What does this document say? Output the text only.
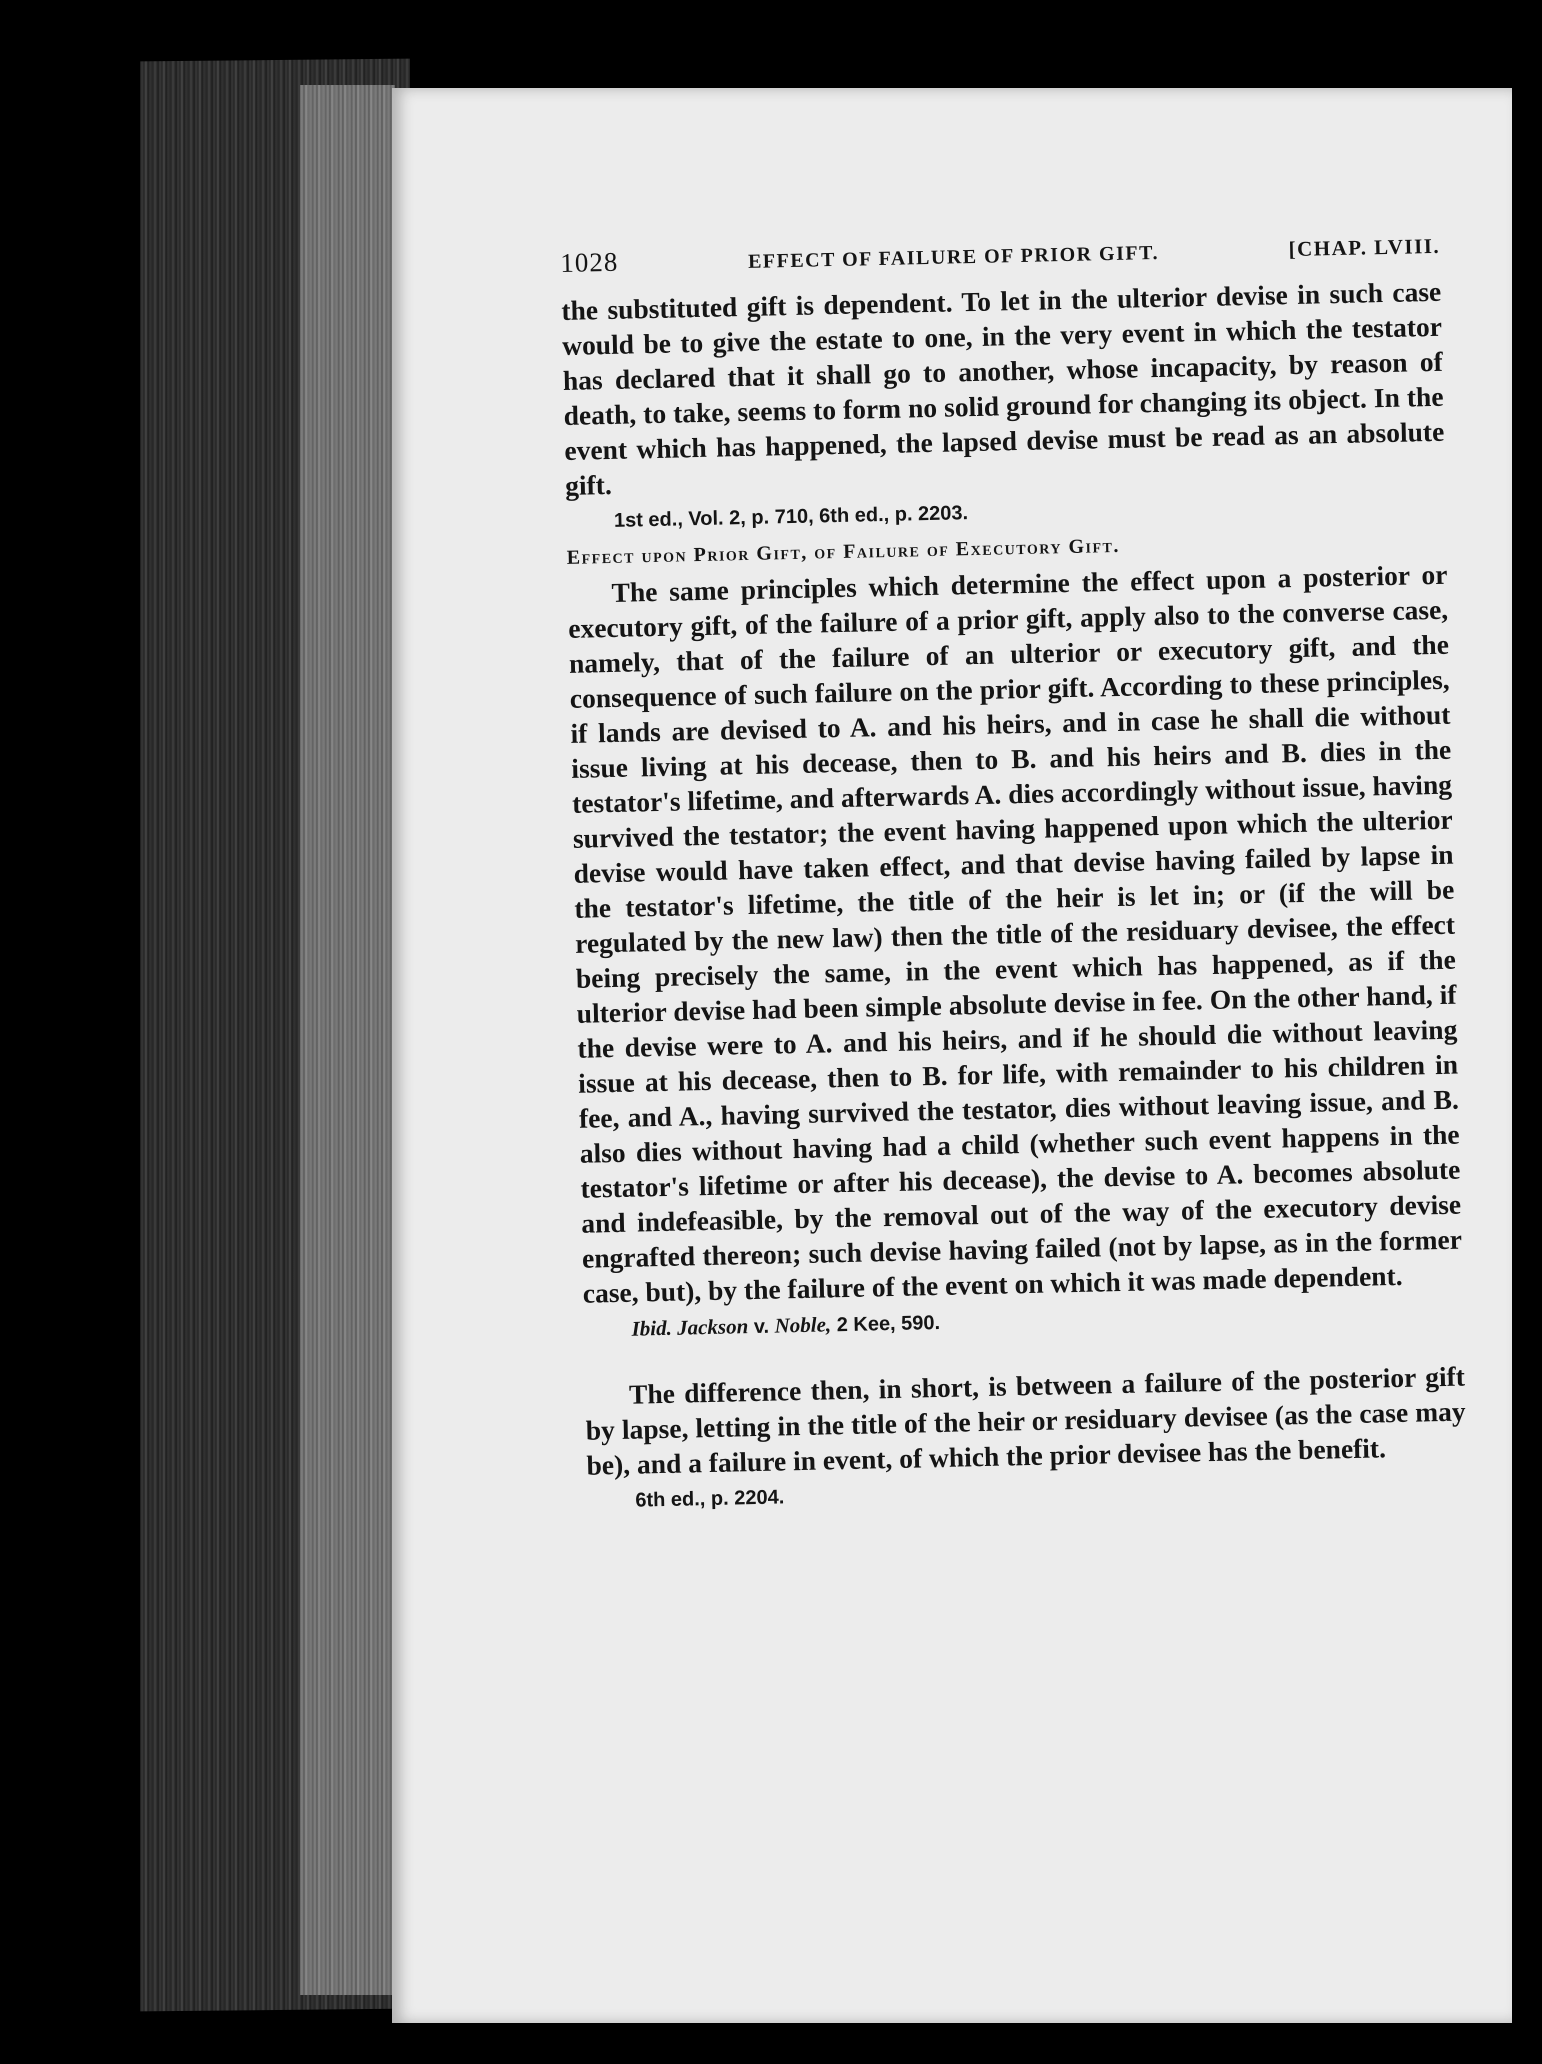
1028	EFFECT OF FAILURE OF PRIOR GIFT.	[CHAP. LVIII.

the substituted gift is dependent. To let in the ulterior devise in such case would be to give the estate to one, in the very event in which the testator has declared that it shall go to another, whose incapacity, by reason of death, to take, seems to form no solid ground for changing its object. In the event which has happened, the lapsed devise must be read as an absolute gift.

1st ed., Vol. 2, p. 710, 6th ed., p. 2203.
Effect upon Prior Gift, of Failure of Executory Gift.

The same principles which determine the effect upon a posterior or executory gift, of the failure of a prior gift, apply also to the converse case, namely, that of the failure of an ulterior or executory gift, and the consequence of such failure on the prior gift. According to these principles, if lands are devised to A. and his heirs, and in case he shall die without issue living at his decease, then to B. and his heirs and B. dies in the testator's lifetime, and afterwards A. dies accordingly without issue, having survived the testator; the event having happened upon which the ulterior devise would have taken effect, and that devise having failed by lapse in the testator's lifetime, the title of the heir is let in; or (if the will be regulated by the new law) then the title of the residuary devisee, the effect being precisely the same, in the event which has happened, as if the ulterior devise had been simple absolute devise in fee. On the other hand, if the devise were to A. and his heirs, and if he should die without leaving issue at his decease, then to B. for life, with remainder to his children in fee, and A., having survived the testator, dies without leaving issue, and B. also dies without having had a child (whether such event happens in the testator's lifetime or after his decease), the devise to A. becomes absolute and indefeasible, by the removal out of the way of the executory devise engrafted thereon; such devise having failed (not by lapse, as in the former case, but), by the failure of the event on which it was made dependent.

Ibid. Jackson v. Noble, 2 Kee, 590.

The difference then, in short, is between a failure of the posterior gift by lapse, letting in the title of the heir or residuary devisee (as the case may be), and a failure in event, of which the prior devisee has the benefit.

6th ed., p. 2204.
